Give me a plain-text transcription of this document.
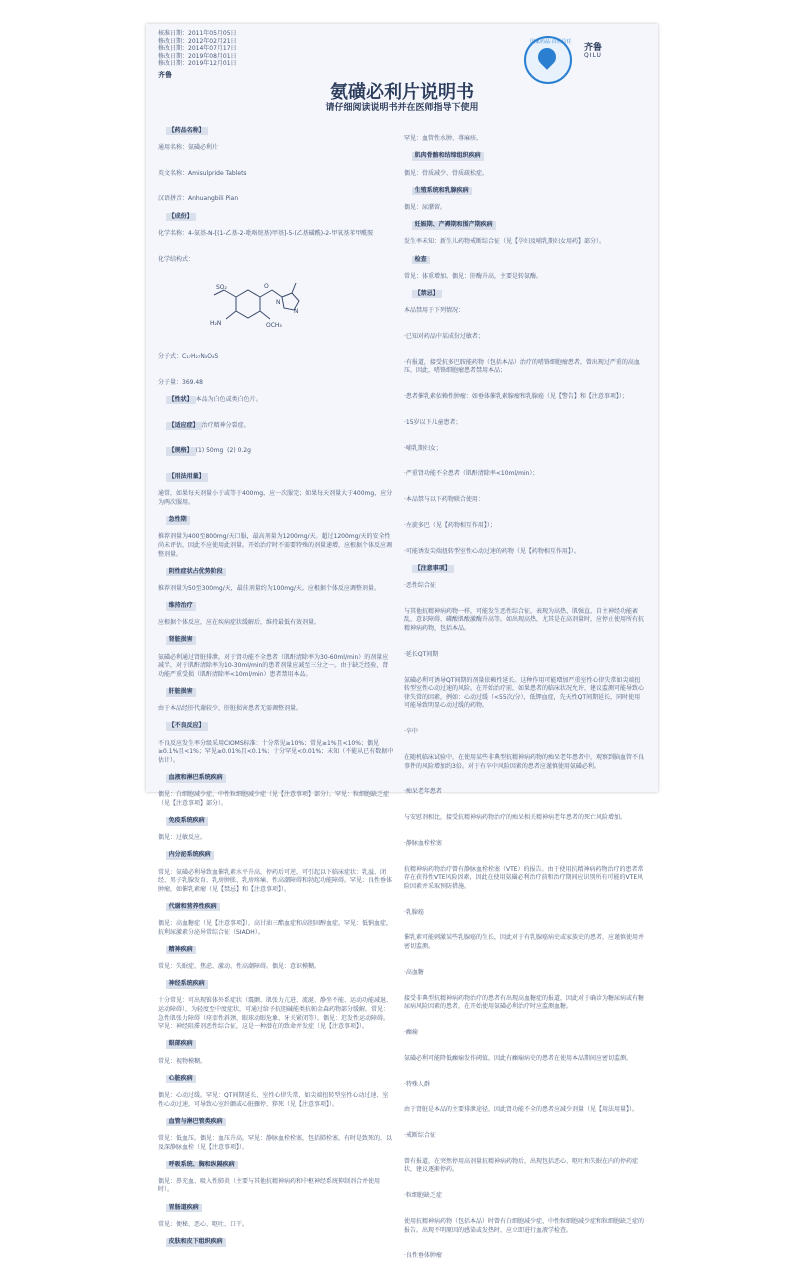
核准日期：2011年05月05日
修改日期：2012年02月21日
修改日期：2014年07月17日
修改日期：2019年08月01日
修改日期：2019年12月01日
齐鲁
国家药品·百姓信任
齐鲁
QILU
氨磺必利片说明书
请仔细阅读说明书并在医师指导下使用

【药品名称】

通用名称：氨磺必利片

英文名称：Amisulpride Tablets

汉语拼音：Anhuangbili Pian

【成份】

化学名称：4-氨基-N-[(1-乙基-2-吡咯烷基)甲基]-5-(乙基磺酰)-2-甲氧基苯甲酰胺

化学结构式：

SO₂
H₂N	OCH₃
O
N
N

分子式：C₁₇H₂₇N₃O₄S

分子量：369.48

【性状】 本品为白色或类白色片。

【适应症】 治疗精神分裂症。

【规格】 (1) 50mg  (2) 0.2g

【用法用量】

通常，如果每天剂量小于或等于400mg，应一次服完；如果每天剂量大于400mg，应分为两次服用。

急性期

推荐剂量为400至800mg/天口服，最高剂量为1200mg/天。超过1200mg/天的安全性尚未评估，因此不应使用此剂量。开始治疗时不需要特殊的剂量递增，应根据个体反应调整剂量。

阴性症状占优势阶段

推荐剂量为50至300mg/天，最佳剂量约为100mg/天。应根据个体反应调整剂量。

维持治疗

应根据个体反应，应在疾病症状缓解后，维持最低有效剂量。

肾脏损害

氨磺必利通过肾脏排泄。对于肾功能不全患者（肌酐清除率为30-60ml/min）的剂量应减半，对于肌酐清除率为10-30ml/min的患者剂量应减至三分之一。由于缺乏经验，肾功能严重受损（肌酐清除率<10ml/min）患者禁用本品。

肝脏损害

由于本品经肝代谢较少，肝脏损害患者无需调整剂量。

【不良反应】

不良反应发生率分级采用CIOMS标准：十分常见≥10%；常见≥1%且<10%；偶见≥0.1%且<1%；罕见≥0.01%且<0.1%；十分罕见<0.01%；未知（不能从已有数据中估计）。

血液和淋巴系统疾病

偶见：白细胞减少症、中性粒细胞减少症（见【注意事项】部分）。罕见：粒细胞缺乏症（见【注意事项】部分）。

免疫系统疾病

偶见：过敏反应。

内分泌系统疾病

常见：氨磺必利导致血催乳素水平升高，停药后可逆，可引起以下临床症状：乳溢、闭经、男子乳腺发育、乳房肿胀、乳房疼痛、性高潮障碍和勃起功能障碍。罕见：良性垂体肿瘤，如催乳素瘤（见【禁忌】和【注意事项】）。

代谢和营养性疾病

偶见：高血糖症（见【注意事项】），高甘油三酯血症和高胆固醇血症。罕见：低钠血症，抗利尿激素分泌异常综合征（SIADH）。

精神疾病

常见：失眠症、焦虑、激动、性高潮障碍。偶见：意识模糊。

神经系统疾病

十分常见：可出现锥体外系症状（震颤、肌张力亢进、流涎、静坐不能、运动功能减退、运动障碍），为轻度至中度症状，可通过给予抗胆碱能类抗帕金森药物部分缓解。常见：急性肌张力障碍（痉挛性斜颈、眼球动眼危象、牙关紧闭等）。偶见：迟发性运动障碍。罕见：神经阻滞剂恶性综合征，这是一种潜在的致命并发症（见【注意事项】）。

眼部疾病

常见：视物模糊。

心脏疾病

偶见：心动过缓。罕见：QT间期延长、室性心律失常，如尖端扭转型室性心动过速、室性心动过速，可导致心室纤颤或心脏骤停、猝死（见【注意事项】）。

血管与淋巴管类疾病

常见：低血压。偶见：血压升高。罕见：静脉血栓栓塞，包括肺栓塞，有时是致死的，以及深静脉血栓（见【注意事项】）。

呼吸系统、胸和纵隔疾病

偶见：鼻充血、吸入性肺炎（主要与其他抗精神病药和中枢神经系统抑制剂合并使用时）。

胃肠道疾病

常见：便秘、恶心、呕吐、口干。

皮肤和皮下组织疾病

罕见：血管性水肿、荨麻疹。

肌肉骨骼和结缔组织疾病

偶见：骨质减少、骨质疏松症。

生殖系统和乳腺疾病

偶见：尿潴留。

妊娠期、产褥期和围产期疾病

发生率未知：新生儿药物戒断综合征（见【孕妇及哺乳期妇女用药】部分）。

检查

常见：体重增加。偶见：肝酶升高，主要是转氨酶。

【禁忌】

本品禁用于下列情况：

·已知对药品中某成份过敏者；

·有报道，接受抗多巴胺能药物（包括本品）治疗的嗜铬细胞瘤患者，曾出现过严重的高血压，因此，嗜铬细胞瘤患者禁用本品；

·患者催乳素依赖性肿瘤：如垂体催乳素腺瘤和乳腺癌（见【警告】和【注意事项】）；

·15岁以下儿童患者；

·哺乳期妇女；

·严重肾功能不全患者（肌酐清除率<10ml/min）；

·本品禁与以下药物联合使用：

·左旋多巴（见【药物相互作用】）；

·可能诱发尖端扭转型室性心动过速的药物（见【药物相互作用】）。

【注意事项】

·恶性综合征

与其他抗精神病药物一样，可能发生恶性综合征，表现为高热、肌强直、自主神经功能紊乱、意识障碍、磷酸肌酸激酶升高等。如出现高热，尤其是在高剂量时，应停止使用所有抗精神病药物，包括本品。

·延长QT间期

氨磺必利可诱导QT间期的剂量依赖性延长。这种作用可能增加严重室性心律失常如尖端扭转型室性心动过速的风险。在开始治疗前，如果患者的临床状况允许，建议监测可能导致心律失常的因素，例如：心动过缓（<55次/分），低钾血症，先天性QT间期延长，同时使用可能导致明显心动过缓的药物。

·卒中

在随机临床试验中，在使用某些非典型抗精神病药物的痴呆老年患者中，观察到脑血管不良事件的风险增加约3倍。对于有卒中风险因素的患者应谨慎使用氨磺必利。

·痴呆老年患者

与安慰剂相比，接受抗精神病药物治疗的痴呆相关精神病老年患者的死亡风险增加。

·静脉血栓栓塞

抗精神病药物治疗曾有静脉血栓栓塞（VTE）的报告。由于使用抗精神病药物治疗的患者常存在获得性VTE风险因素，因此在使用氨磺必利治疗前和治疗期间应识别所有可能的VTE风险因素并采取预防措施。

·乳腺癌

催乳素可能刺激某些乳腺癌的生长，因此对于有乳腺癌病史或家族史的患者，应谨慎使用并密切监测。

·高血糖

接受非典型抗精神病药物治疗的患者有出现高血糖症的报道，因此对于确诊为糖尿病或有糖尿病风险因素的患者，在开始使用氨磺必利治疗时应监测血糖。

·癫痫

氨磺必利可能降低癫痫发作阈值，因此有癫痫病史的患者在使用本品期间应密切监测。

·特殊人群

由于肾脏是本品的主要排泄途径，因此肾功能不全的患者应减少剂量（见【用法用量】）。

·戒断综合征

曾有报道，在突然停用高剂量抗精神病药物后，出现包括恶心、呕吐和失眠在内的停药症状，建议逐渐停药。

·粒细胞缺乏症

使用抗精神病药物（包括本品）时曾有白细胞减少症、中性粒细胞减少症和粒细胞缺乏症的报告。出现不明原因的感染或发热时，应立即进行血液学检查。

·良性垂体肿瘤
